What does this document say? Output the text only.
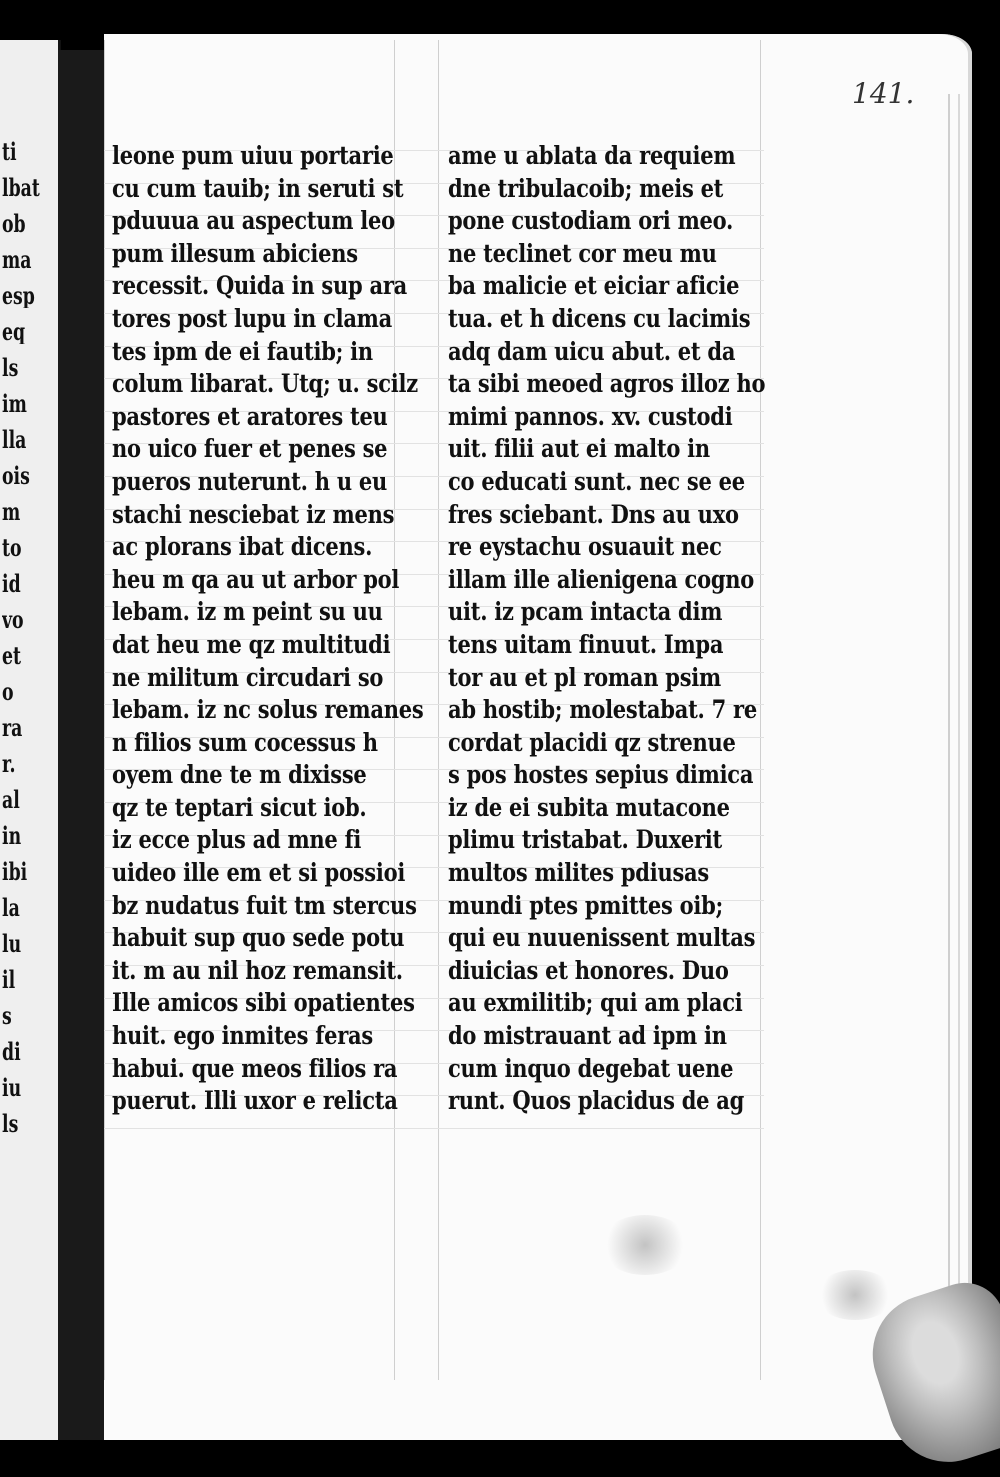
ti
lbat
ob
ma
esp
eq
ls
im
lla
ois
m
to
id
vo
et
o
ra
r.
al
in
ibi
la
lu
il
s
di
iu
ls
141.
leone pum uiuu portarie
cu cum tauib; in seruti st
pduuua au aspectum leo
pum illesum abiciens
recessit. Quida in sup ara
tores post lupu in clama
tes ipm de ei fautib; in
colum libarat. Utq; u. scilz
pastores et aratores teu
no uico fuer et penes se
pueros nuterunt. h u eu
stachi nesciebat iz mens
ac plorans ibat dicens.
heu m qa au ut arbor pol
lebam. iz m peint su uu
dat heu me qz multitudi
ne militum circudari so
lebam. iz nc solus remanes
n filios sum cocessus h
oyem dne te m dixisse
qz te teptari sicut iob.
iz ecce plus ad mne fi
uideo ille em et si possioi
bz nudatus fuit tm stercus
habuit sup quo sede potu
it. m au nil hoz remansit.
Ille amicos sibi opatientes
huit. ego inmites feras
habui. que meos filios ra
puerut. Illi uxor e relicta
ame u ablata da requiem
dne tribulacoib; meis et
pone custodiam ori meo.
ne teclinet cor meu mu
ba malicie et eiciar aficie
tua. et h dicens cu lacimis
adq dam uicu abut. et da
ta sibi meoed agros illoz ho
mimi pannos. xv. custodi
uit. filii aut ei malto in
co educati sunt. nec se ee
fres sciebant. Dns au uxo
re eystachu osuauit nec
illam ille alienigena cogno
uit. iz pcam intacta dim
tens uitam finuut. Impa
tor au et pl roman psim
ab hostib; molestabat. 7 re
cordat placidi qz strenue
s pos hostes sepius dimica
iz de ei subita mutacone
plimu tristabat. Duxerit
multos milites pdiusas
mundi ptes pmittes oib;
qui eu nuuenissent multas
diuicias et honores. Duo
au exmilitib; qui am placi
do mistrauant ad ipm in
cum inquo degebat uene
runt. Quos placidus de ag
